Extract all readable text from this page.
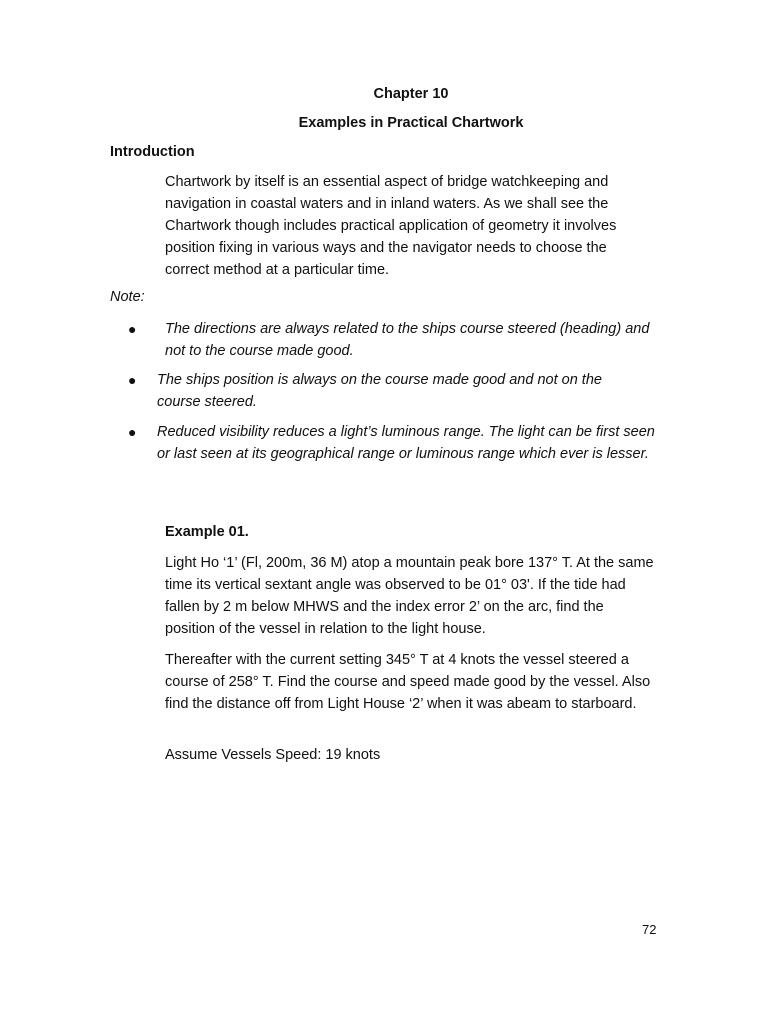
Chapter 10
Examples in Practical Chartwork
Introduction
Chartwork by itself is an essential aspect of bridge watchkeeping and navigation in coastal waters and in inland waters. As we shall see the Chartwork though includes practical application of geometry it involves position fixing in various ways and the navigator needs to choose the correct method at a particular time.
Note:
● The directions are always related to the ships course steered (heading) and not to the course made good.
● The ships position is always on the course made good and not on the course steered.
● Reduced visibility reduces a light’s luminous range. The light can be first seen or last seen at its geographical range or luminous range which ever is lesser.
Example 01.
Light Ho ‘1’ (Fl, 200m, 36 M) atop a mountain peak bore 137° T. At the same time its vertical sextant angle was observed to be 01° 03'. If the tide had fallen by 2 m below MHWS and the index error 2’ on the arc, find the position of the vessel in relation to the light house.
Thereafter with the current setting 345° T at 4 knots the vessel steered a course of 258° T. Find the course and speed made good by the vessel. Also find the distance off from Light House ‘2’ when it was abeam to starboard.
Assume Vessels Speed: 19 knots
72
